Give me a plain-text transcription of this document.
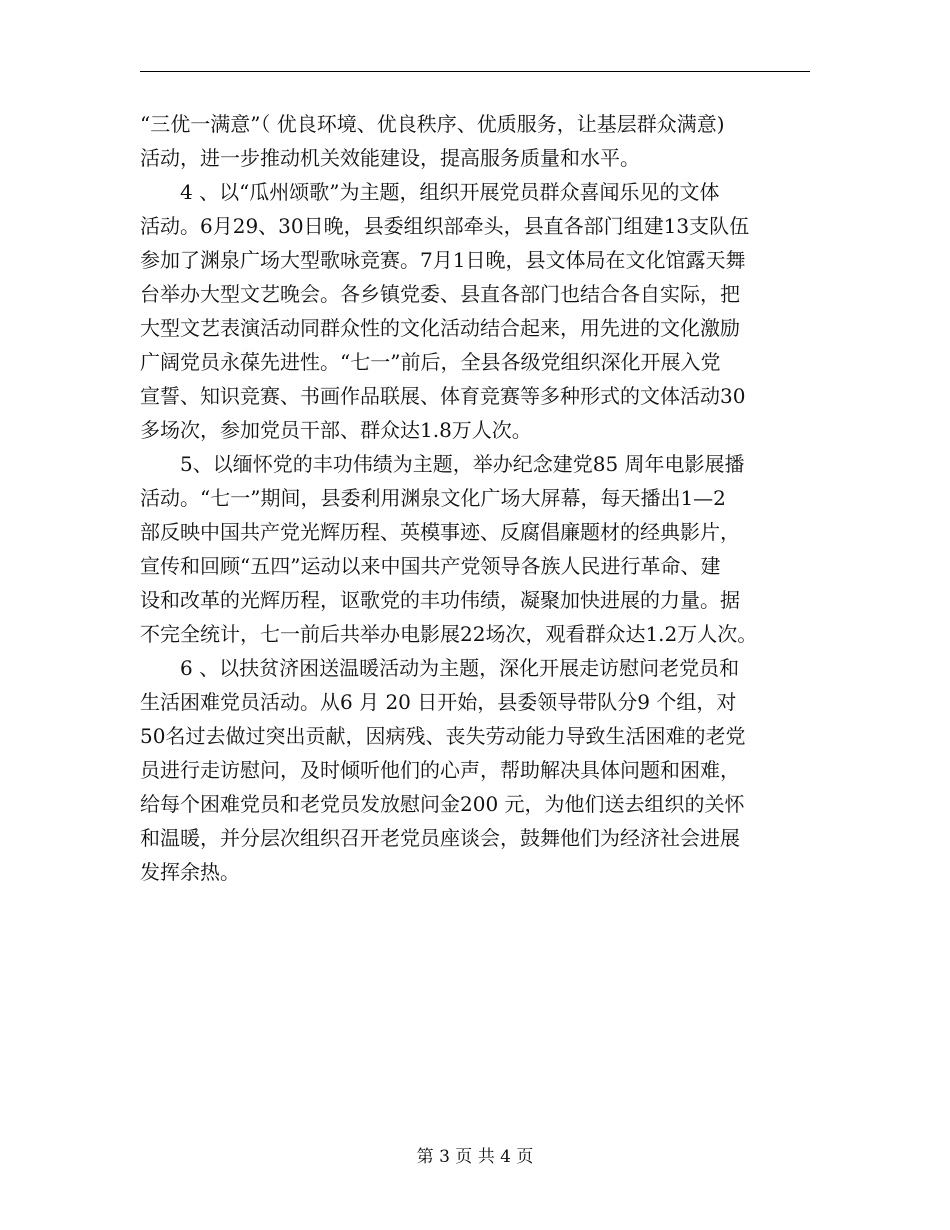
“三优一满意”（ 优良环境、优良秩序、优质服务，让基层群众满意)
活动，进一步推动机关效能建设，提高服务质量和水平。
　　4 、以“瓜州颂歌”为主题，组织开展党员群众喜闻乐见的文体
活动。6月29、30日晚，县委组织部牵头，县直各部门组建13支队伍
参加了渊泉广场大型歌咏竞赛。7月1日晚，县文体局在文化馆露天舞
台举办大型文艺晚会。各乡镇党委、县直各部门也结合各自实际，把
大型文艺表演活动同群众性的文化活动结合起来，用先进的文化激励
广阔党员永葆先进性。“七一”前后，全县各级党组织深化开展入党
宣誓、知识竞赛、书画作品联展、体育竞赛等多种形式的文体活动30
多场次，参加党员干部、群众达1.8万人次。
　　5、以缅怀党的丰功伟绩为主题，举办纪念建党85 周年电影展播
活动。“七一”期间，县委利用渊泉文化广场大屏幕，每天播出1—2
部反映中国共产党光辉历程、英模事迹、反腐倡廉题材的经典影片，
宣传和回顾“五四”运动以来中国共产党领导各族人民进行革命、建
设和改革的光辉历程，讴歌党的丰功伟绩，凝聚加快进展的力量。据
不完全统计，七一前后共举办电影展22场次，观看群众达1.2万人次。
　　6 、以扶贫济困送温暖活动为主题，深化开展走访慰问老党员和
生活困难党员活动。从6 月 20 日开始，县委领导带队分9 个组，对
50名过去做过突出贡献，因病残、丧失劳动能力导致生活困难的老党
员进行走访慰问，及时倾听他们的心声，帮助解决具体问题和困难，
给每个困难党员和老党员发放慰问金200 元，为他们送去组织的关怀
和温暖，并分层次组织召开老党员座谈会，鼓舞他们为经济社会进展
发挥余热。
第 3 页 共 4 页
